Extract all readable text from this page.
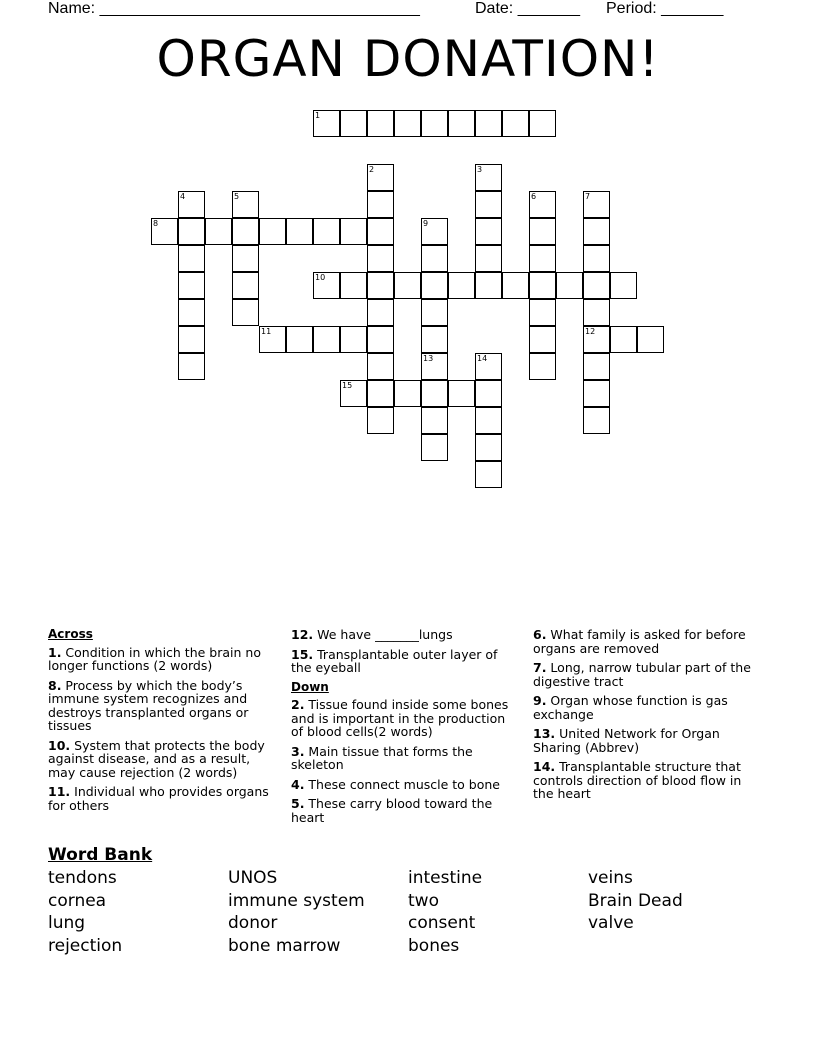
Name: ____________________________________	Date: _______ Period: _______
ORGAN DONATION!
1
8
10
11	12
15
2	3
4	5	6	7
9
13	14
Across
1. Condition in which the brain no longer functions (2 words)
8. Process by which the body’s immune system recognizes and destroys transplanted organs or tissues
10. System that protects the body against disease, and as a result, may cause rejection (2 words)
11. Individual who provides organs for others
12. We have _______lungs
15. Transplantable outer layer of the eyeball
Down
2. Tissue found inside some bones and is important in the production of blood cells(2 words)
3. Main tissue that forms the skeleton
4. These connect muscle to bone
5. These carry blood toward the heart
6. What family is asked for before organs are removed
7. Long, narrow tubular part of the digestive tract
9. Organ whose function is gas exchange
13. United Network for Organ Sharing (Abbrev)
14. Transplantable structure that controls direction of blood flow in the heart
Word Bank
tendons
cornea
lung
rejection
UNOS
immune system
donor
bone marrow
intestine
two
consent
bones
veins
Brain Dead
valve
